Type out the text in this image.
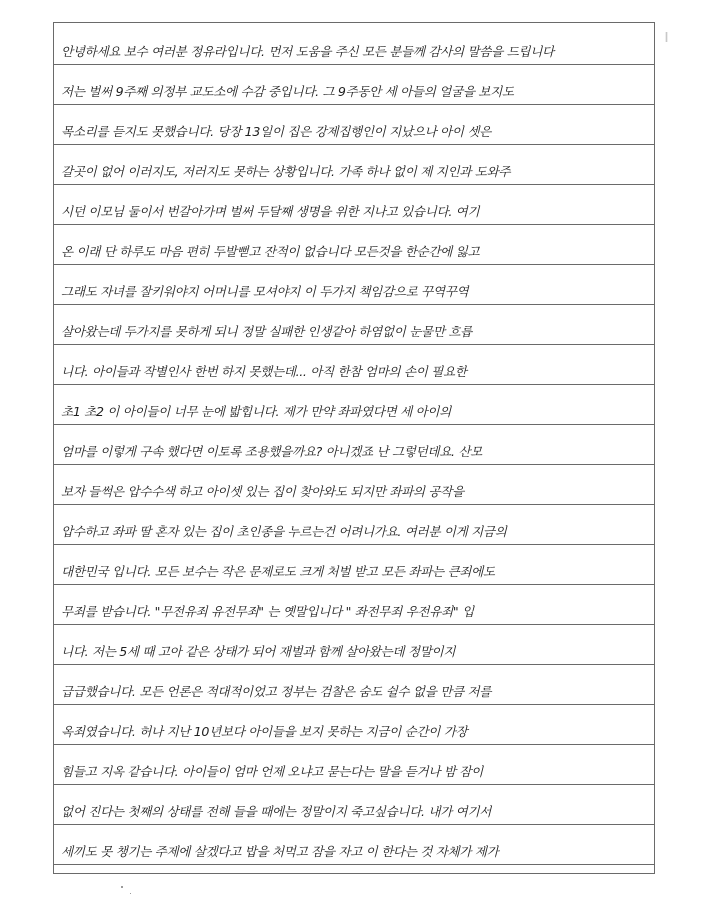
안녕하세요 보수 여러분 정유라입니다. 먼저 도움을 주신 모든 분들께 감사의 말씀을 드립니다
저는 벌써 9주째 의정부 교도소에 수감 중입니다. 그 9주동안 세 아들의 얼굴을 보지도
목소리를 듣지도 못했습니다. 당장 13일이 집은 강제집행인이 지났으나 아이 셋은
갈곳이 없어 이러지도, 저러지도 못하는 상황입니다. 가족 하나 없이 제 지인과 도와주
시던 이모님 둘이서 번갈아가며 벌써 두달째 생명을 위한 지나고 있습니다. 여기
온 이래 단 하루도 마음 편히 두발뻗고 잔적이 없습니다 모든것을 한순간에 잃고
그래도 자녀를 잘키워야지 어머니를 모셔야지 이 두가지 책임감으로 꾸역꾸역
살아왔는데 두가지를 못하게 되니 정말 실패한 인생같아 하염없이 눈물만 흐릅
니다. 아이들과 작별인사 한번 하지 못했는데... 아직 한참 엄마의 손이 필요한
초1 초2 이 아이들이 너무 눈에 밟힙니다. 제가 만약 좌파였다면 세 아이의
엄마를 이렇게 구속 했다면 이토록 조용했을까요? 아니겠죠 난 그렇던데요. 산모
보자 들썩은 압수수색 하고 아이셋 있는 집이 찾아와도 되지만 좌파의 공작을
압수하고 좌파 딸 혼자 있는 집이 초인종을 누르는건 어려니가요. 여러분 이게 지금의
대한민국 입니다. 모든 보수는 작은 문제로도 크게 처벌 받고 모든 좌파는 큰죄에도
무죄를 받습니다. "무전유죄 유전무죄" 는 옛말입니다 " 좌전무죄 우전유죄" 입
니다. 저는 5세 때 고아 같은 상태가 되어 재벌과 함께 살아왔는데 정말이지
급급했습니다. 모든 언론은 적대적이었고 정부는 검찰은 숨도 쉴수 없을 만큼 저를
옥죄였습니다. 허나 지난 10년보다 아이들을 보지 못하는 지금이 순간이 가장
힘들고 지옥 같습니다. 아이들이 엄마 언제 오냐고 묻는다는 말을 듣거나 밤 잠이
없어 진다는 첫째의 상태를 전해 들을 때에는 정말이지 죽고싶습니다. 내가 여기서
세끼도 못 챙기는 주제에 살겠다고 밥을 처먹고 잠을 자고 이 한다는 것 자체가 제가
ı
